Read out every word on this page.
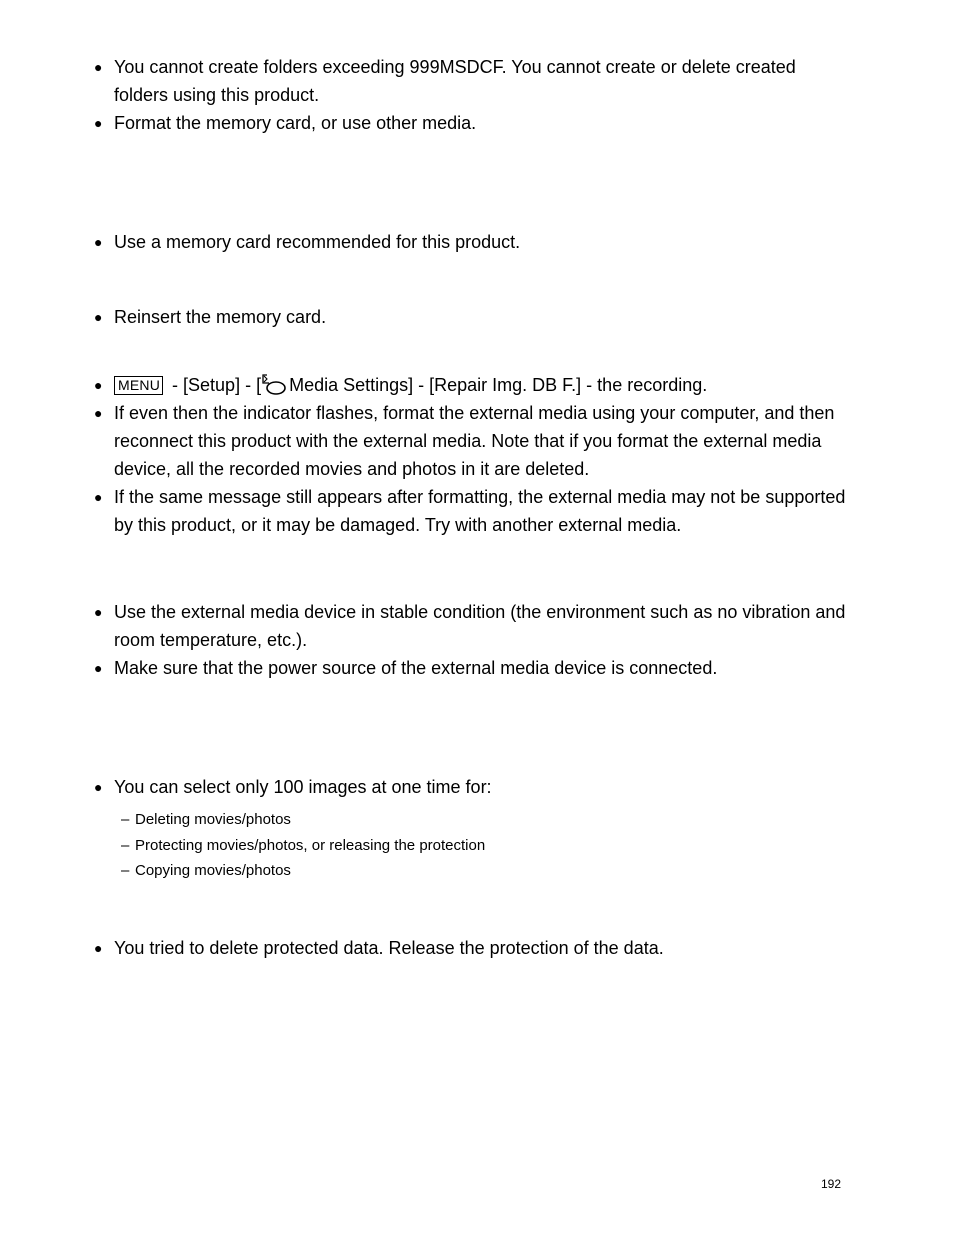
● You cannot create folders exceeding 999MSDCF. You cannot create or delete created
folders using this product.
● Format the memory card, or use other media.
● Use a memory card recommended for this product.
● Reinsert the memory card.
● MENU - [Setup] - [ Media Settings] - [Repair Img. DB F.] - the recording.
● If even then the indicator flashes, format the external media using your computer, and then
reconnect this product with the external media. Note that if you format the external media
device, all the recorded movies and photos in it are deleted.
● If the same message still appears after formatting, the external media may not be supported
by this product, or it may be damaged. Try with another external media.
● Use the external media device in stable condition (the environment such as no vibration and
room temperature, etc.).
● Make sure that the power source of the external media device is connected.
● You can select only 100 images at one time for:
– Deleting movies/photos
– Protecting movies/photos, or releasing the protection
– Copying movies/photos
● You tried to delete protected data. Release the protection of the data.
192
